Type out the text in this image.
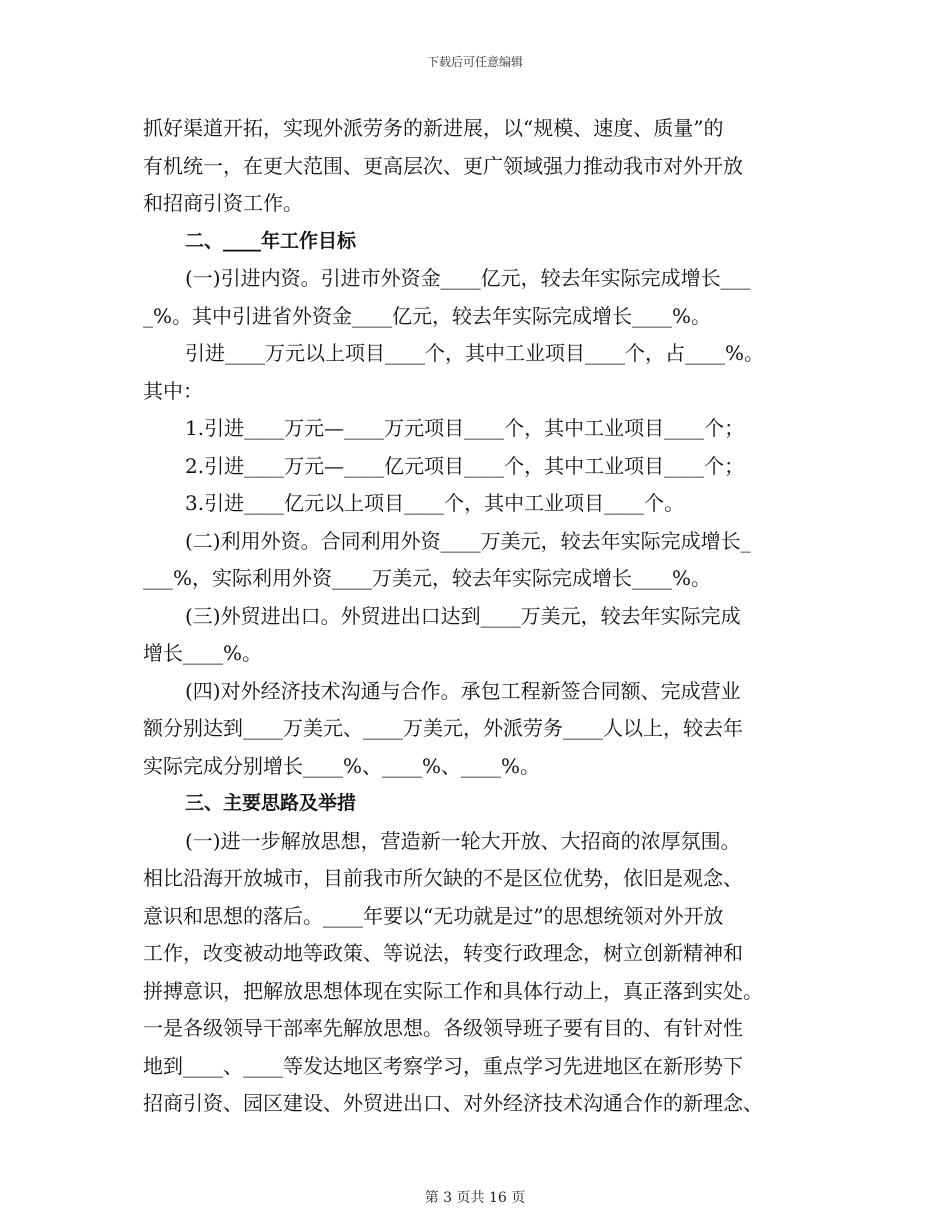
下载后可任意编辑
抓好渠道开拓，实现外派劳务的新进展，以“规模、速度、质量”的
有机统一，在更大范围、更高层次、更广领域强力推动我市对外开放
和招商引资工作。
二、____年工作目标
(一)引进内资。引进市外资金____亿元，较去年实际完成增长___
_%。其中引进省外资金____亿元，较去年实际完成增长____%。
引进____万元以上项目____个，其中工业项目____个，占____%。
其中：
1.引进____万元—____万元项目____个，其中工业项目____个；
2.引进____万元—____亿元项目____个，其中工业项目____个；
3.引进____亿元以上项目____个，其中工业项目____个。
(二)利用外资。合同利用外资____万美元，较去年实际完成增长_
___%，实际利用外资____万美元，较去年实际完成增长____%。
(三)外贸进出口。外贸进出口达到____万美元，较去年实际完成
增长____%。
(四)对外经济技术沟通与合作。承包工程新签合同额、完成营业
额分别达到____万美元、____万美元，外派劳务____人以上，较去年
实际完成分别增长____%、____%、____%。
三、主要思路及举措
(一)进一步解放思想，营造新一轮大开放、大招商的浓厚氛围。
相比沿海开放城市，目前我市所欠缺的不是区位优势，依旧是观念、
意识和思想的落后。____年要以“无功就是过”的思想统领对外开放
工作，改变被动地等政策、等说法，转变行政理念，树立创新精神和
拼搏意识，把解放思想体现在实际工作和具体行动上，真正落到实处。
一是各级领导干部率先解放思想。各级领导班子要有目的、有针对性
地到____、____等发达地区考察学习，重点学习先进地区在新形势下
招商引资、园区建设、外贸进出口、对外经济技术沟通合作的新理念、
第 3 页共 16 页
